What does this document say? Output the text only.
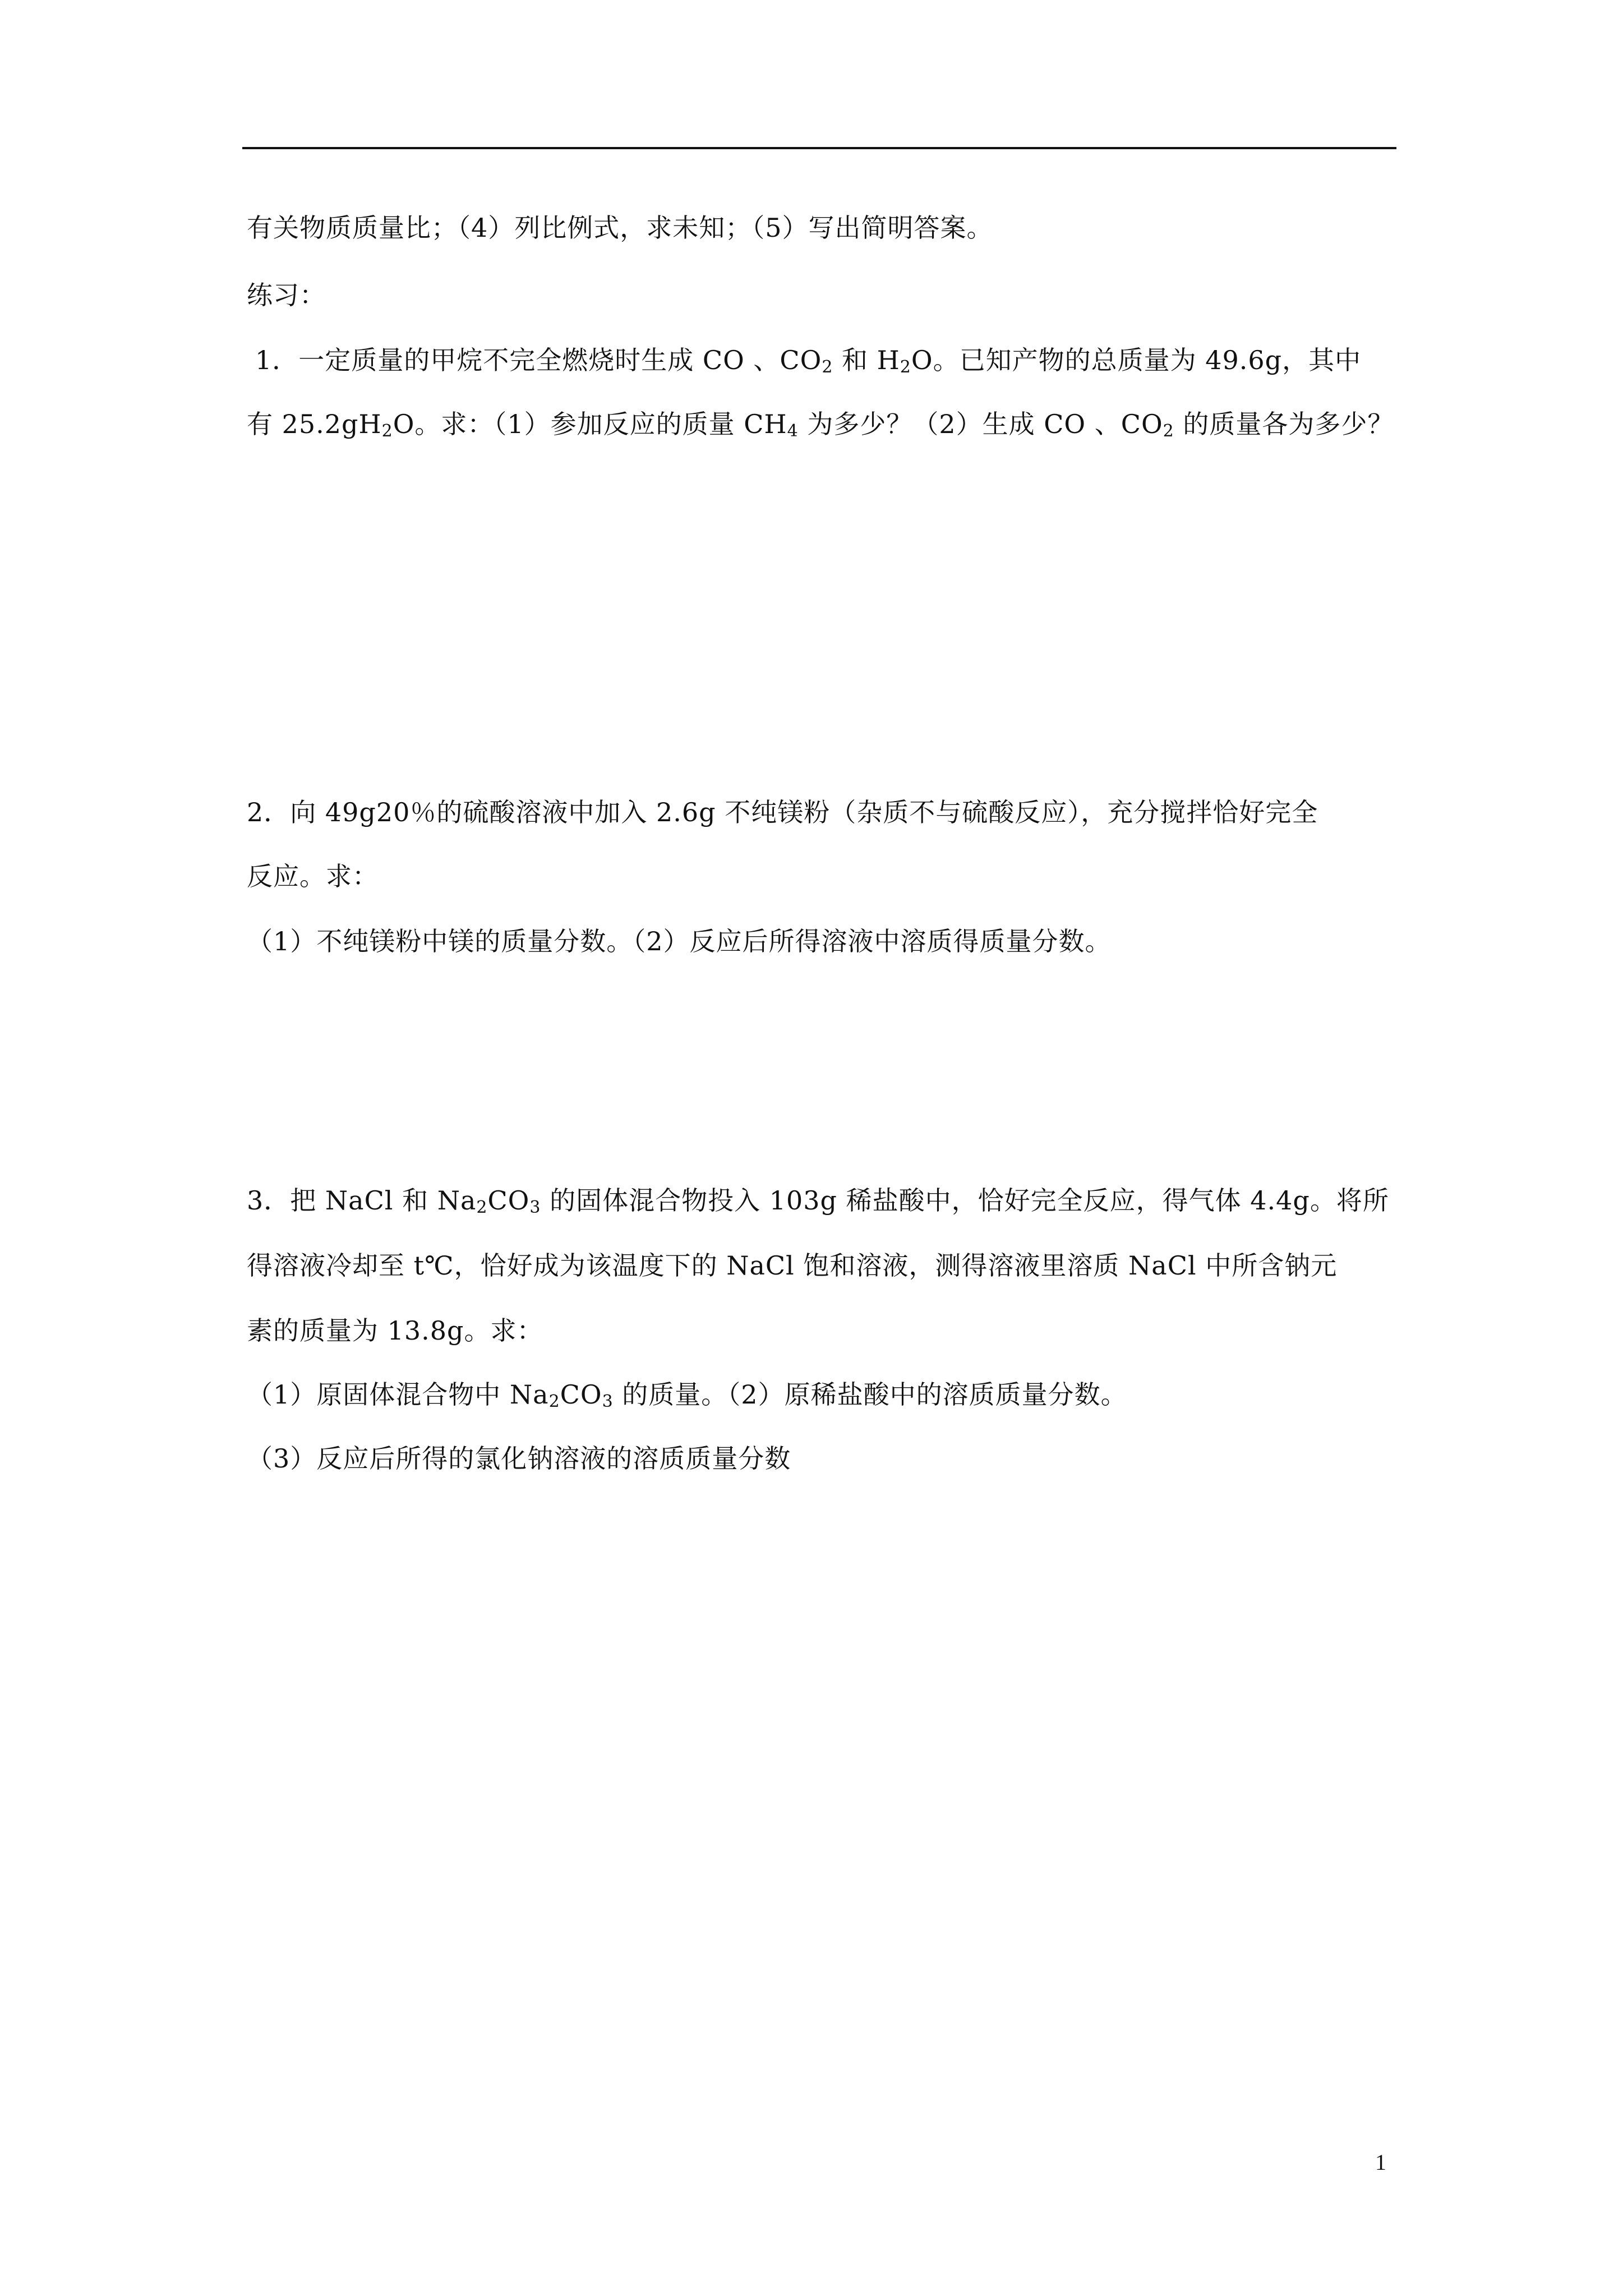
有关物质质量比；（4）列比例式，求未知；（5）写出简明答案。
练习：
1．一定质量的甲烷不完全燃烧时生成 CO 、$CO_2$ 和 $H_2O$。已知产物的总质量为 49.6g，其中
有 $25.2gH_2O$。求：（1）参加反应的质量 $CH_4$ 为多少？（2）生成 CO 、$CO_2$ 的质量各为多少？
2．向 49g20％的硫酸溶液中加入 2.6g 不纯镁粉（杂质不与硫酸反应），充分搅拌恰好完全
反应。求：
（1）不纯镁粉中镁的质量分数。（2）反应后所得溶液中溶质得质量分数。
3．把 NaCl 和 $Na_2CO_3$ 的固体混合物投入 103g 稀盐酸中，恰好完全反应，得气体 4.4g。将所
得溶液冷却至 t℃，恰好成为该温度下的 NaCl 饱和溶液，测得溶液里溶质 NaCl 中所含钠元
素的质量为 13.8g。求：
（1）原固体混合物中 $Na_2CO_3$ 的质量。（2）原稀盐酸中的溶质质量分数。
（3）反应后所得的氯化钠溶液的溶质质量分数
1
